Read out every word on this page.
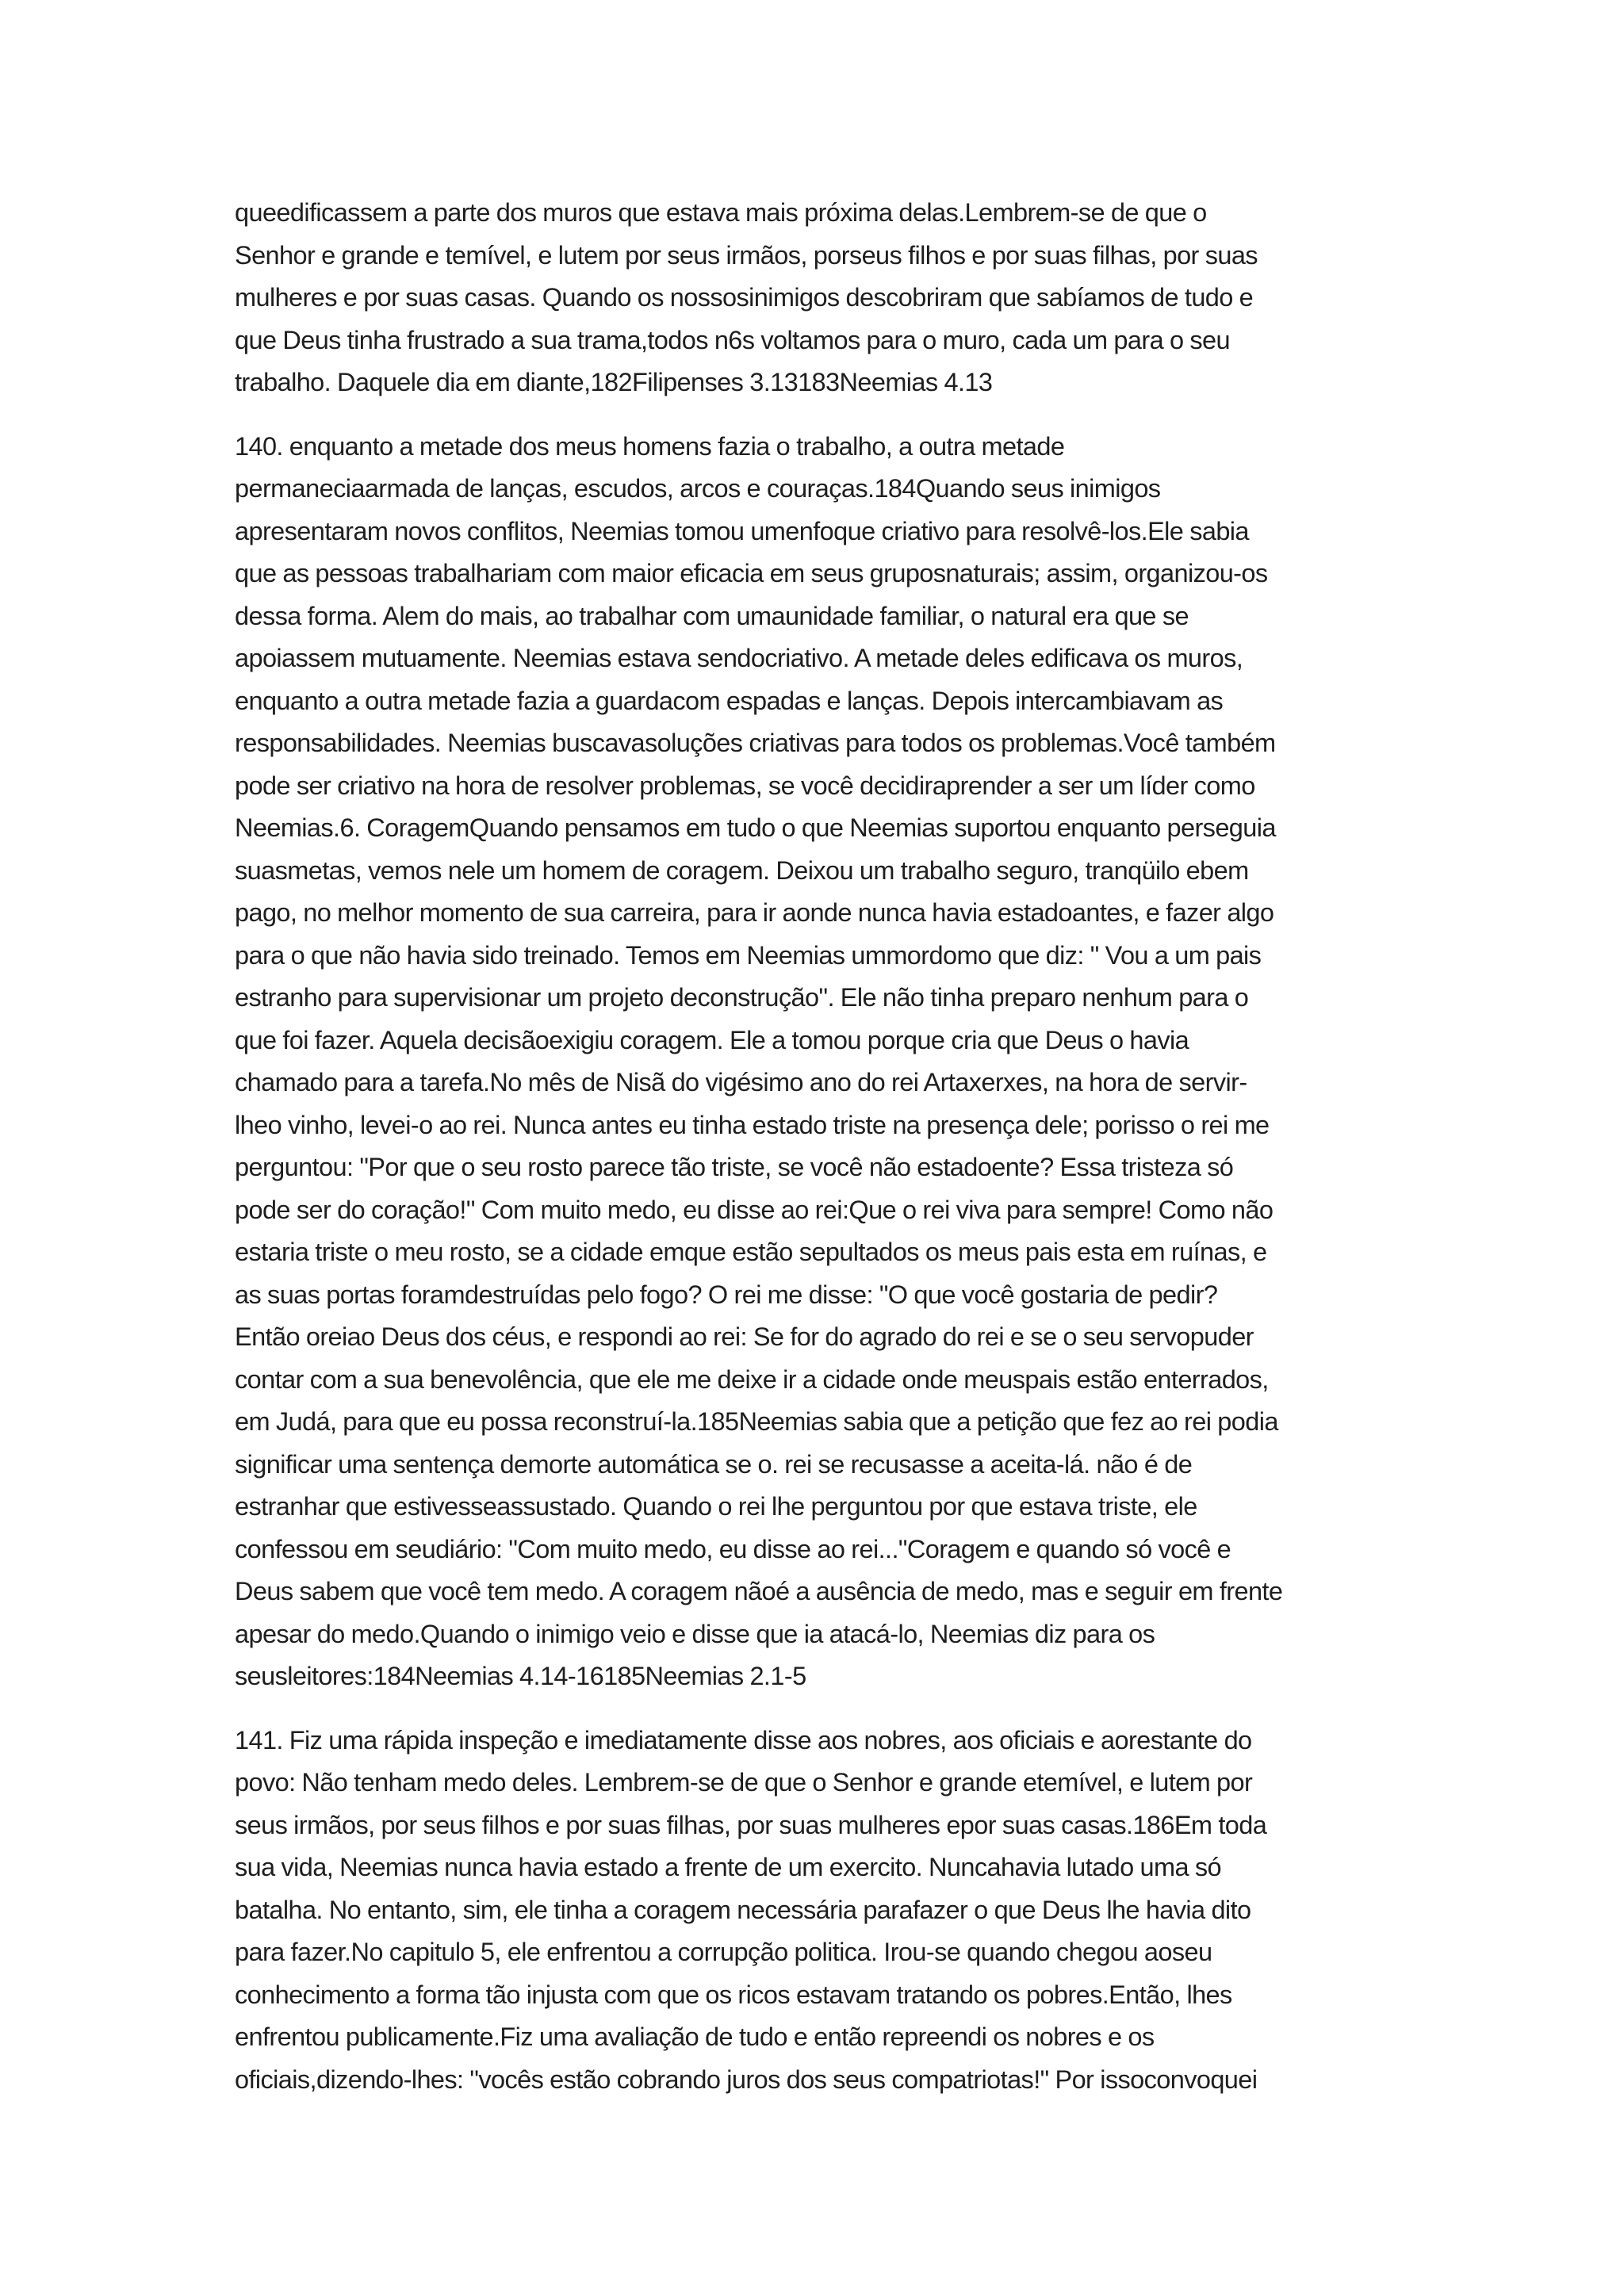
queedificassem a parte dos muros que estava mais próxima delas.Lembrem-se de que o
Senhor e grande e temível, e lutem por seus irmãos, porseus filhos e por suas filhas, por suas
mulheres e por suas casas. Quando os nossosinimigos descobriram que sabíamos de tudo e
que Deus tinha frustrado a sua trama,todos n6s voltamos para o muro, cada um para o seu
trabalho. Daquele dia em diante,182Filipenses 3.13183Neemias 4.13
140. enquanto a metade dos meus homens fazia o trabalho, a outra metade
permaneciaarmada de lanças, escudos, arcos e couraças.184Quando seus inimigos
apresentaram novos conflitos, Neemias tomou umenfoque criativo para resolvê-los.Ele sabia
que as pessoas trabalhariam com maior eficacia em seus gruposnaturais; assim, organizou-os
dessa forma. Alem do mais, ao trabalhar com umaunidade familiar, o natural era que se
apoiassem mutuamente. Neemias estava sendocriativo. A metade deles edificava os muros,
enquanto a outra metade fazia a guardacom espadas e lanças. Depois intercambiavam as
responsabilidades. Neemias buscavasoluções criativas para todos os problemas.Você também
pode ser criativo na hora de resolver problemas, se você decidiraprender a ser um líder como
Neemias.6. CoragemQuando pensamos em tudo o que Neemias suportou enquanto perseguia
suasmetas, vemos nele um homem de coragem. Deixou um trabalho seguro, tranqüilo ebem
pago, no melhor momento de sua carreira, para ir aonde nunca havia estadoantes, e fazer algo
para o que não havia sido treinado. Temos em Neemias ummordomo que diz: " Vou a um pais
estranho para supervisionar um projeto deconstrução". Ele não tinha preparo nenhum para o
que foi fazer. Aquela decisãoexigiu coragem. Ele a tomou porque cria que Deus o havia
chamado para a tarefa.No mês de Nisã do vigésimo ano do rei Artaxerxes, na hora de servir-
lheo vinho, levei-o ao rei. Nunca antes eu tinha estado triste na presença dele; porisso o rei me
perguntou: "Por que o seu rosto parece tão triste, se você não estadoente? Essa tristeza só
pode ser do coração!" Com muito medo, eu disse ao rei:Que o rei viva para sempre! Como não
estaria triste o meu rosto, se a cidade emque estão sepultados os meus pais esta em ruínas, e
as suas portas foramdestruídas pelo fogo? O rei me disse: "O que você gostaria de pedir?
Então oreiao Deus dos céus, e respondi ao rei: Se for do agrado do rei e se o seu servopuder
contar com a sua benevolência, que ele me deixe ir a cidade onde meuspais estão enterrados,
em Judá, para que eu possa reconstruí-la.185Neemias sabia que a petição que fez ao rei podia
significar uma sentença demorte automática se o. rei se recusasse a aceita-lá. não é de
estranhar que estivesseassustado. Quando o rei lhe perguntou por que estava triste, ele
confessou em seudiário: "Com muito medo, eu disse ao rei..."Coragem e quando só você e
Deus sabem que você tem medo. A coragem nãoé a ausência de medo, mas e seguir em frente
apesar do medo.Quando o inimigo veio e disse que ia atacá-lo, Neemias diz para os
seusleitores:184Neemias 4.14-16185Neemias 2.1-5
141. Fiz uma rápida inspeção e imediatamente disse aos nobres, aos oficiais e aorestante do
povo: Não tenham medo deles. Lembrem-se de que o Senhor e grande etemível, e lutem por
seus irmãos, por seus filhos e por suas filhas, por suas mulheres epor suas casas.186Em toda
sua vida, Neemias nunca havia estado a frente de um exercito. Nuncahavia lutado uma só
batalha. No entanto, sim, ele tinha a coragem necessária parafazer o que Deus lhe havia dito
para fazer.No capitulo 5, ele enfrentou a corrupção politica. Irou-se quando chegou aoseu
conhecimento a forma tão injusta com que os ricos estavam tratando os pobres.Então, lhes
enfrentou publicamente.Fiz uma avaliação de tudo e então repreendi os nobres e os
oficiais,dizendo-lhes: "vocês estão cobrando juros dos seus compatriotas!" Por issoconvoquei
